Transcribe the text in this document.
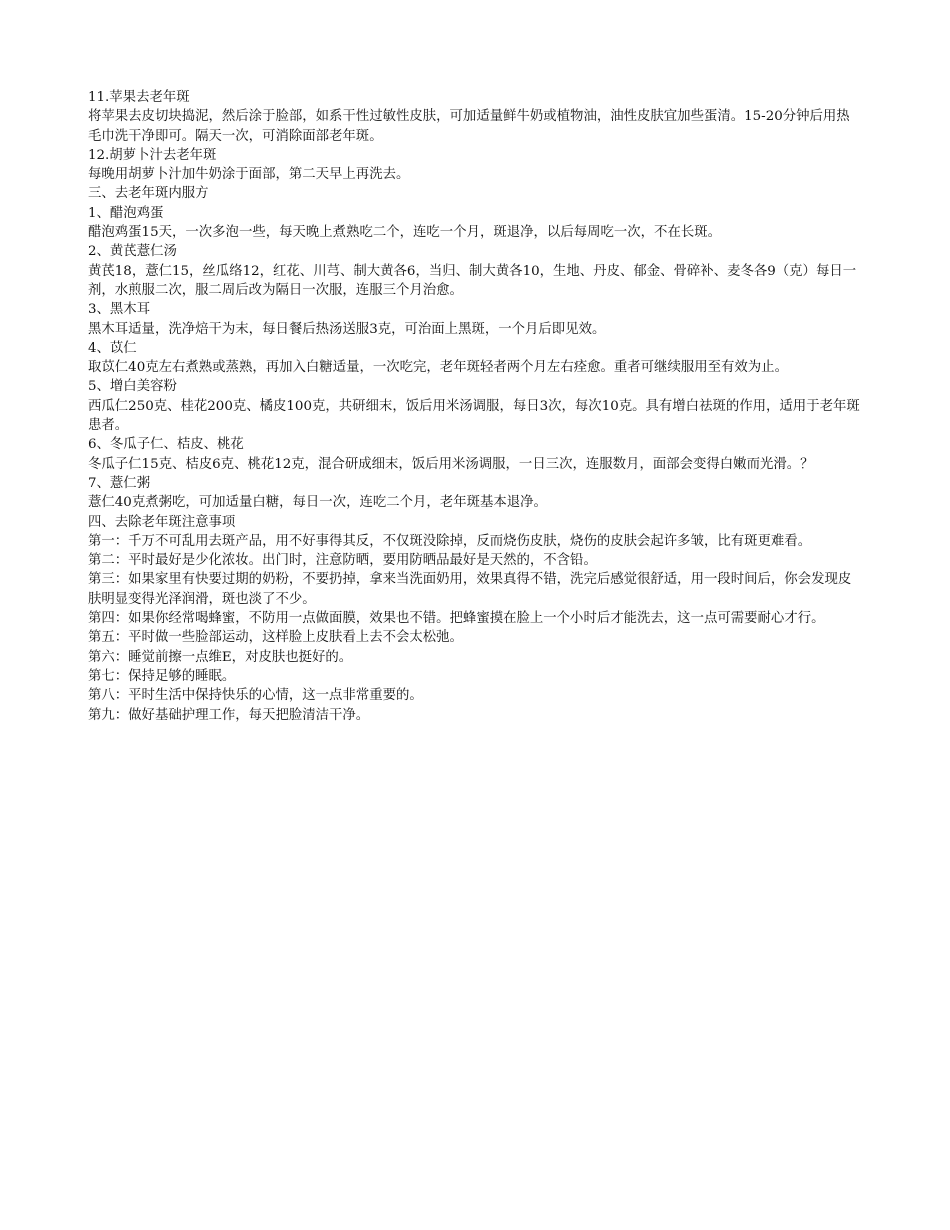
11.苹果去老年斑

将苹果去皮切块捣泥，然后涂于脸部，如系干性过敏性皮肤，可加适量鲜牛奶或植物油，油性皮肤宜加些蛋清。15-20分钟后用热毛巾洗干净即可。隔天一次，可消除面部老年斑。

12.胡萝卜汁去老年斑

每晚用胡萝卜汁加牛奶涂于面部，第二天早上再洗去。

三、去老年斑内服方

1、醋泡鸡蛋

醋泡鸡蛋15天，一次多泡一些，每天晚上煮熟吃二个，连吃一个月，斑退净，以后每周吃一次，不在长斑。

2、黄芪薏仁汤

黄芪18，薏仁15，丝瓜络12，红花、川芎、制大黄各6，当归、制大黄各10，生地、丹皮、郁金、骨碎补、麦冬各9（克）每日一剂，水煎服二次，服二周后改为隔日一次服，连服三个月治愈。

3、黑木耳

黑木耳适量，洗净焙干为末，每日餐后热汤送服3克，可治面上黑斑，一个月后即见效。

4、苡仁

取苡仁40克左右煮熟或蒸熟，再加入白糖适量，一次吃完，老年斑轻者两个月左右痊愈。重者可继续服用至有效为止。

5、增白美容粉

西瓜仁250克、桂花200克、橘皮100克，共研细末，饭后用米汤调服，每日3次，每次10克。具有增白祛斑的作用，适用于老年斑患者。

6、冬瓜子仁、桔皮、桃花

冬瓜子仁15克、桔皮6克、桃花12克，混合研成细末，饭后用米汤调服，一日三次，连服数月，面部会变得白嫩而光滑。？

7、薏仁粥

薏仁40克煮粥吃，可加适量白糖，每日一次，连吃二个月，老年斑基本退净。

四、去除老年斑注意事项

第一：千万不可乱用去斑产品，用不好事得其反，不仅斑没除掉，反而烧伤皮肤，烧伤的皮肤会起许多皱，比有斑更难看。

第二：平时最好是少化浓妆。出门时，注意防晒，要用防晒品最好是天然的，不含铅。

第三：如果家里有快要过期的奶粉，不要扔掉，拿来当洗面奶用，效果真得不错，洗完后感觉很舒适，用一段时间后，你会发现皮肤明显变得光泽润滑，斑也淡了不少。

第四：如果你经常喝蜂蜜，不防用一点做面膜，效果也不错。把蜂蜜摸在脸上一个小时后才能洗去，这一点可需要耐心才行。

第五：平时做一些脸部运动，这样脸上皮肤看上去不会太松弛。

第六：睡觉前擦一点维E，对皮肤也挺好的。

第七：保持足够的睡眠。

第八：平时生活中保持快乐的心情，这一点非常重要的。

第九：做好基础护理工作，每天把脸清洁干净。
